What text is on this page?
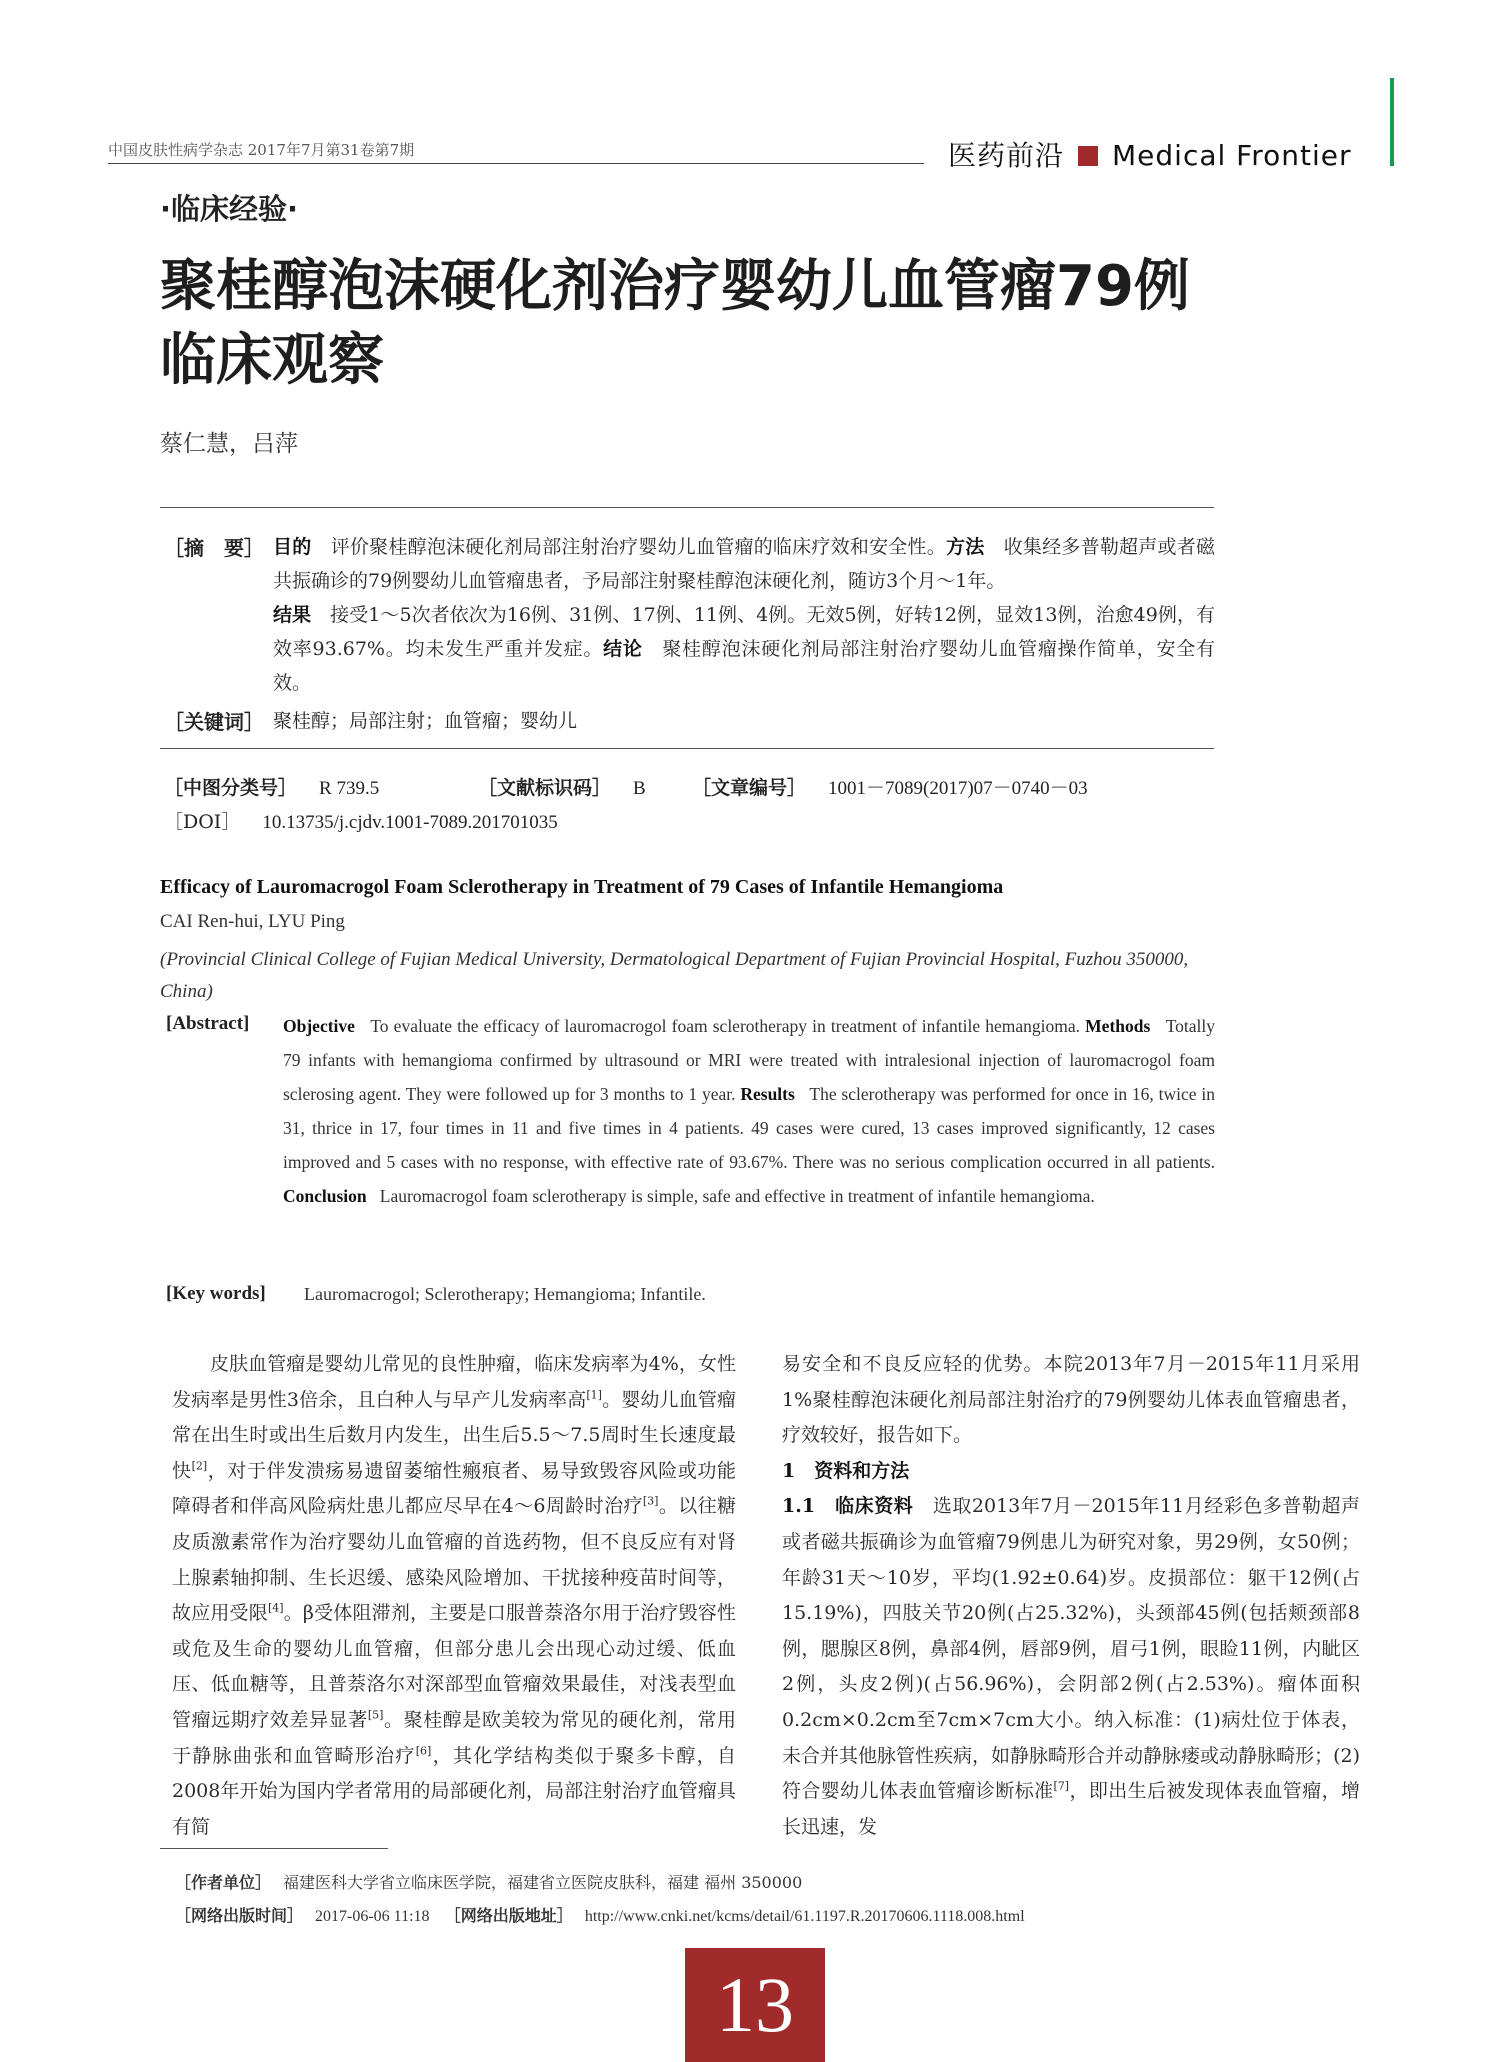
中国皮肤性病学杂志 2017年7月第31卷第7期	医药前沿 Medical Frontier
·临床经验·
聚桂醇泡沫硬化剂治疗婴幼儿血管瘤79例
临床观察
蔡仁慧，吕萍
［摘　要］ 目的　 评价聚桂醇泡沫硬化剂局部注射治疗婴幼儿血管瘤的临床疗效和安全性。方法　 收集经多普勒超声或者磁共振确诊的79例婴幼儿血管瘤患者，予局部注射聚桂醇泡沫硬化剂，随访3个月～1年。
结果　 接受1～5次者依次为16例、31例、17例、11例、4例。无效5例，好转12例，显效13例，治愈49例，有效率93.67%。均未发生严重并发症。结论　 聚桂醇泡沫硬化剂局部注射治疗婴幼儿血管瘤操作简单，安全有效。
［关键词］ 聚桂醇；局部注射；血管瘤；婴幼儿
［中图分类号］ R 739.5	［文献标识码］ B ［文章编号］ 1001－7089(2017)07－0740－03
［DOI］ 10.13735/j.cjdv.1001-7089.201701035
Efficacy of Lauromacrogol Foam Sclerotherapy in Treatment of 79 Cases of Infantile Hemangioma
CAI Ren-hui, LYU Ping
(Provincial Clinical College of Fujian Medical University, Dermatological Department of Fujian Provincial Hospital, Fuzhou 350000, China)
[Abstract] Objective To evaluate the efficacy of lauromacrogol foam sclerotherapy in treatment of infantile hemangioma. Methods Totally 79 infants with hemangioma confirmed by ultrasound or MRI were treated with intralesional injection of lauromacrogol foam sclerosing agent. They were followed up for 3 months to 1 year. Results The sclerotherapy was performed for once in 16, twice in 31, thrice in 17, four times in 11 and five times in 4 patients. 49 cases were cured, 13 cases improved significantly, 12 cases improved and 5 cases with no response, with effective rate of 93.67%. There was no serious complication occurred in all patients. Conclusion Lauromacrogol foam sclerotherapy is simple, safe and effective in treatment of infantile hemangioma.
[Key words] Lauromacrogol; Sclerotherapy; Hemangioma; Infantile.

皮肤血管瘤是婴幼儿常见的良性肿瘤，临床发病率为4%，女性发病率是男性3倍余，且白种人与早产儿发病率高[1]。婴幼儿血管瘤常在出生时或出生后数月内发生，出生后5.5～7.5周时生长速度最快[2]，对于伴发溃疡易遗留萎缩性瘢痕者、易导致毁容风险或功能障碍者和伴高风险病灶患儿都应尽早在4～6周龄时治疗[3]。以往糖皮质激素常作为治疗婴幼儿血管瘤的首选药物，但不良反应有对肾上腺素轴抑制、生长迟缓、感染风险增加、干扰接种疫苗时间等，故应用受限[4]。β受体阻滞剂，主要是口服普萘洛尔用于治疗毁容性或危及生命的婴幼儿血管瘤，但部分患儿会出现心动过缓、低血压、低血糖等，且普萘洛尔对深部型血管瘤效果最佳，对浅表型血管瘤远期疗效差异显著[5]。聚桂醇是欧美较为常见的硬化剂，常用于静脉曲张和血管畸形治疗[6]，其化学结构类似于聚多卡醇，自2008年开始为国内学者常用的局部硬化剂，局部注射治疗血管瘤具有简

易安全和不良反应轻的优势。本院2013年7月－2015年11月采用1%聚桂醇泡沫硬化剂局部注射治疗的79例婴幼儿体表血管瘤患者，疗效较好，报告如下。

1　资料和方法

1.1　临床资料　 选取2013年7月－2015年11月经彩色多普勒超声或者磁共振确诊为血管瘤79例患儿为研究对象，男29例，女50例；年龄31天～10岁，平均(1.92±0.64)岁。皮损部位：躯干12例(占15.19%)，四肢关节20例(占25.32%)，头颈部45例(包括颊颈部8例，腮腺区8例，鼻部4例，唇部9例，眉弓1例，眼睑11例，内眦区2例，头皮2例)(占56.96%)，会阴部2例(占2.53%)。瘤体面积0.2cm×0.2cm至7cm×7cm大小。纳入标准：(1)病灶位于体表，未合并其他脉管性疾病，如静脉畸形合并动静脉瘘或动静脉畸形；(2)符合婴幼儿体表血管瘤诊断标准[7]，即出生后被发现体表血管瘤，增长迅速，发

［作者单位］ 福建医科大学省立临床医学院，福建省立医院皮肤科，福建 福州 350000
［网络出版时间］ 2017-06-06 11:18 ［网络出版地址］ http://www.cnki.net/kcms/detail/61.1197.R.20170606.1118.008.html
13
